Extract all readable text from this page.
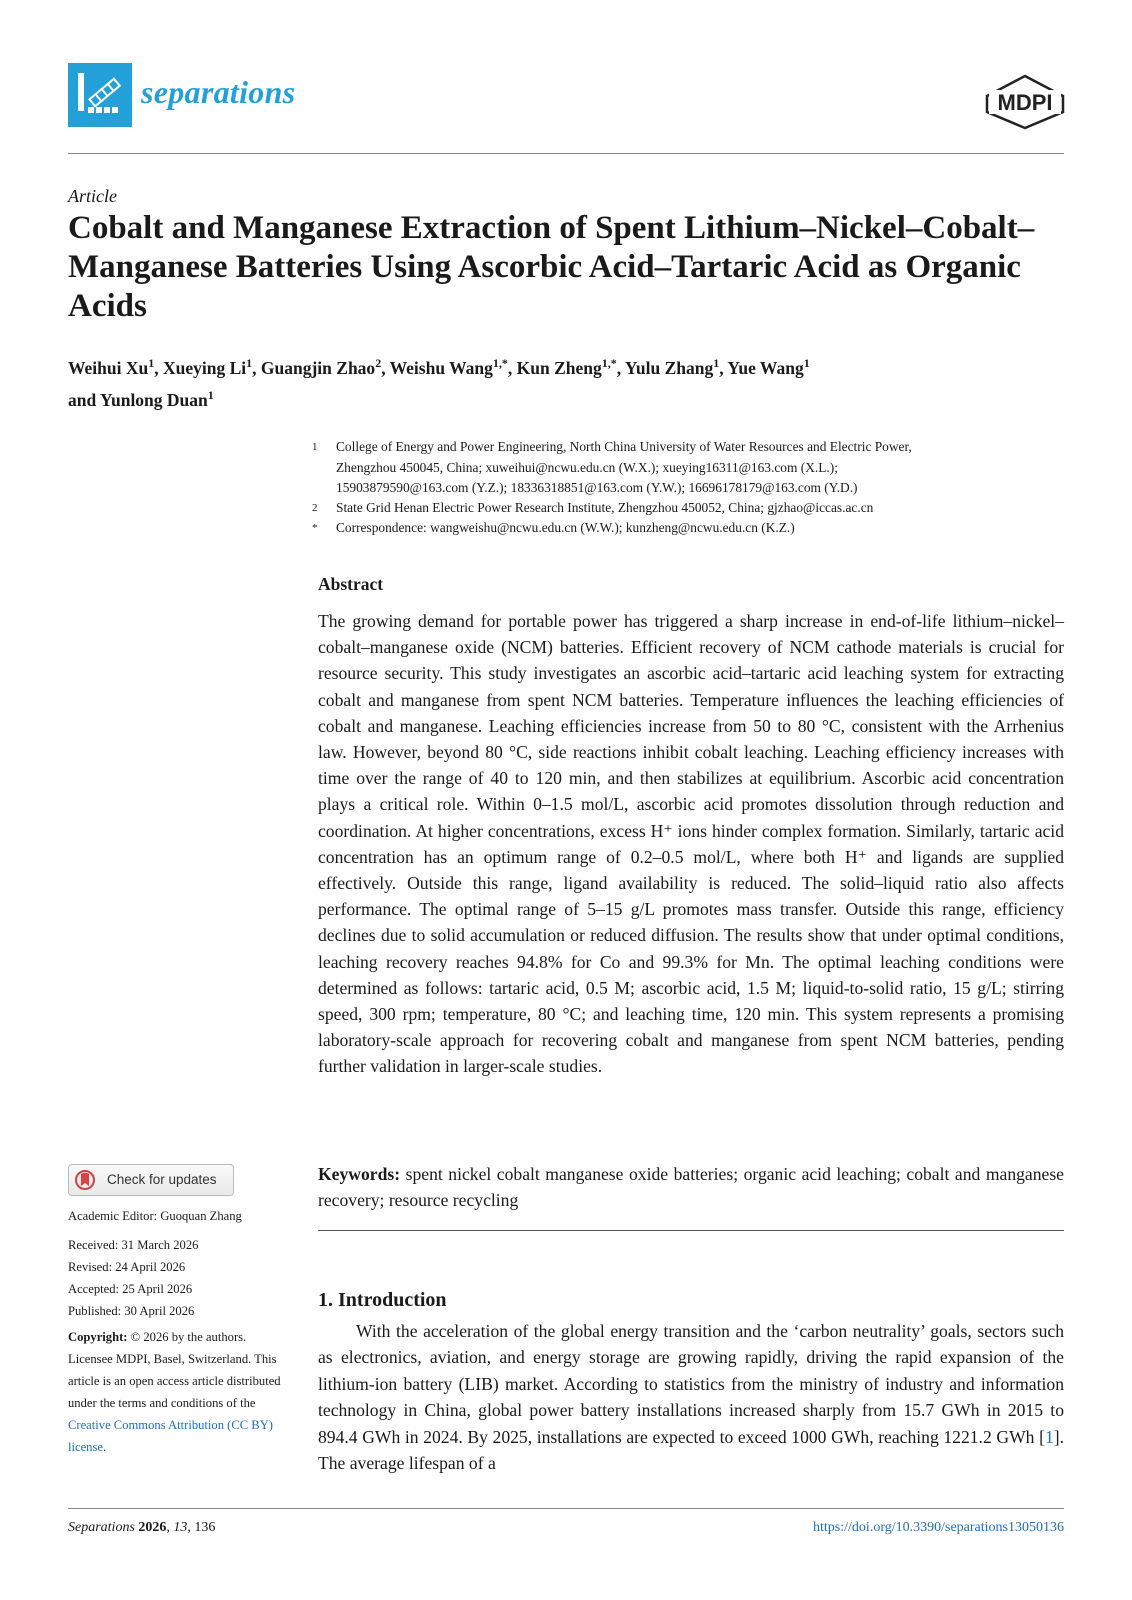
separations	MDPI
Article
Cobalt and Manganese Extraction of Spent Lithium–Nickel–Cobalt–Manganese Batteries Using Ascorbic Acid–Tartaric Acid as Organic Acids
Weihui Xu$^1$, Xueying Li$^1$, Guangjin Zhao$^2$, Weishu Wang$^{1,*}$, Kun Zheng$^{1,*}$, Yulu Zhang$^1$, Yue Wang$^1$
and Yunlong Duan$^1$
1 College of Energy and Power Engineering, North China University of Water Resources and Electric Power,
Zhengzhou 450045, China; xuweihui@ncwu.edu.cn (W.X.); xueying16311@163.com (X.L.);
15903879590@163.com (Y.Z.); 18336318851@163.com (Y.W.); 16696178179@163.com (Y.D.)
2 State Grid Henan Electric Power Research Institute, Zhengzhou 450052, China; gjzhao@iccas.ac.cn
* Correspondence: wangweishu@ncwu.edu.cn (W.W.); kunzheng@ncwu.edu.cn (K.Z.)
Abstract
The growing demand for portable power has triggered a sharp increase in end-of-life lithium–nickel–cobalt–manganese oxide (NCM) batteries. Efficient recovery of NCM cathode materials is crucial for resource security. This study investigates an ascorbic acid–tartaric acid leaching system for extracting cobalt and manganese from spent NCM batteries. Temperature influences the leaching efficiencies of cobalt and manganese. Leaching efficiencies increase from 50 to 80 °C, consistent with the Arrhenius law. However, beyond 80 °C, side reactions inhibit cobalt leaching. Leaching efficiency increases with time over the range of 40 to 120 min, and then stabilizes at equilibrium. Ascorbic acid concentration plays a critical role. Within 0–1.5 mol/L, ascorbic acid promotes dissolution through reduction and coordination. At higher concentrations, excess H⁺ ions hinder complex formation. Similarly, tartaric acid concentration has an optimum range of 0.2–0.5 mol/L, where both H⁺ and ligands are supplied effectively. Outside this range, ligand availability is reduced. The solid–liquid ratio also affects performance. The optimal range of 5–15 g/L promotes mass transfer. Outside this range, efficiency declines due to solid accumulation or reduced diffusion. The results show that under optimal conditions, leaching recovery reaches 94.8% for Co and 99.3% for Mn. The optimal leaching conditions were determined as follows: tartaric acid, 0.5 M; ascorbic acid, 1.5 M; liquid-to-solid ratio, 15 g/L; stirring speed, 300 rpm; temperature, 80 °C; and leaching time, 120 min. This system represents a promising laboratory-scale approach for recovering cobalt and manganese from spent NCM batteries, pending further validation in larger-scale studies.
Keywords: spent nickel cobalt manganese oxide batteries; organic acid leaching; cobalt and manganese recovery; resource recycling
1. Introduction
With the acceleration of the global energy transition and the ‘carbon neutrality’ goals, sectors such as electronics, aviation, and energy storage are growing rapidly, driving the rapid expansion of the lithium-ion battery (LIB) market. According to statistics from the ministry of industry and information technology in China, global power battery installations increased sharply from 15.7 GWh in 2015 to 894.4 GWh in 2024. By 2025, installations are expected to exceed 1000 GWh, reaching 1221.2 GWh [1]. The average lifespan of a
Check for updates
Academic Editor: Guoquan Zhang
Received: 31 March 2026
Revised: 24 April 2026
Accepted: 25 April 2026
Published: 30 April 2026
Copyright: © 2026 by the authors. Licensee MDPI, Basel, Switzerland. This article is an open access article distributed under the terms and conditions of the Creative Commons Attribution (CC BY) license.
Separations 2026, 13, 136	https://doi.org/10.3390/separations13050136
